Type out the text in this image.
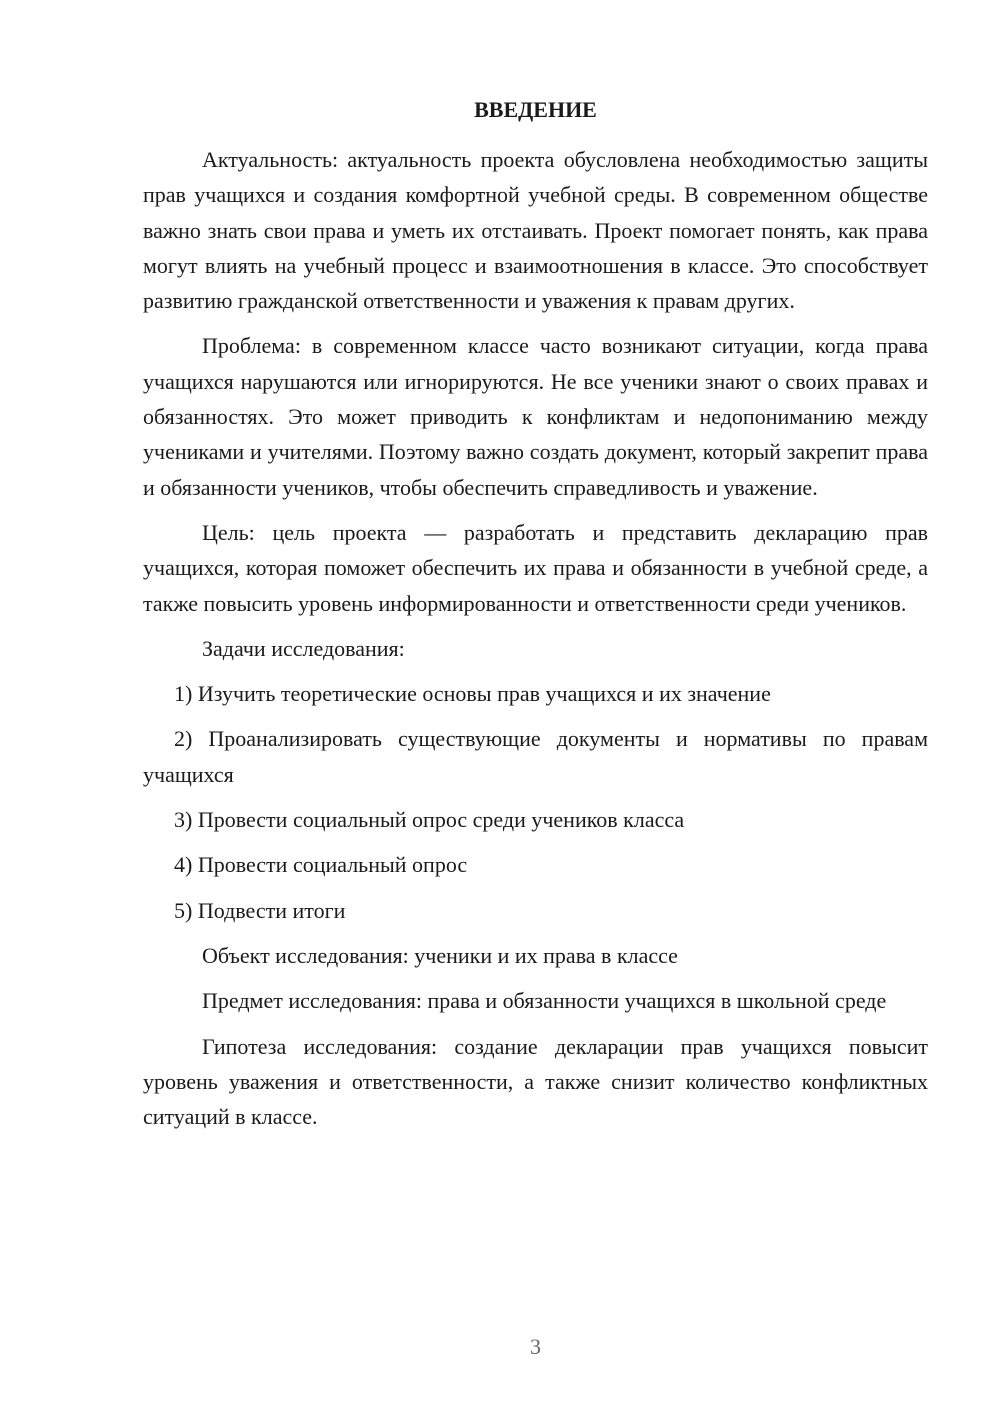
ВВЕДЕНИЕ

Актуальность: актуальность проекта обусловлена необходимостью защиты прав учащихся и создания комфортной учебной среды. В современном обществе важно знать свои права и уметь их отстаивать. Проект помогает понять, как права могут влиять на учебный процесс и взаимоотношения в классе. Это способствует развитию гражданской ответственности и уважения к правам других.

Проблема: в современном классе часто возникают ситуации, когда права учащихся нарушаются или игнорируются. Не все ученики знают о своих правах и обязанностях. Это может приводить к конфликтам и недопониманию между учениками и учителями. Поэтому важно создать документ, который закрепит права и обязанности учеников, чтобы обеспечить справедливость и уважение.

Цель: цель проекта — разработать и представить декларацию прав учащихся, которая поможет обеспечить их права и обязанности в учебной среде, а также повысить уровень информированности и ответственности среди учеников.

Задачи исследования:

1) Изучить теоретические основы прав учащихся и их значение

2) Проанализировать существующие документы и нормативы по правам учащихся

3) Провести социальный опрос среди учеников класса

4) Провести социальный опрос

5) Подвести итоги

Объект исследования: ученики и их права в классе

Предмет исследования: права и обязанности учащихся в школьной среде

Гипотеза исследования: создание декларации прав учащихся повысит уровень уважения и ответственности, а также снизит количество конфликтных ситуаций в классе.

3
